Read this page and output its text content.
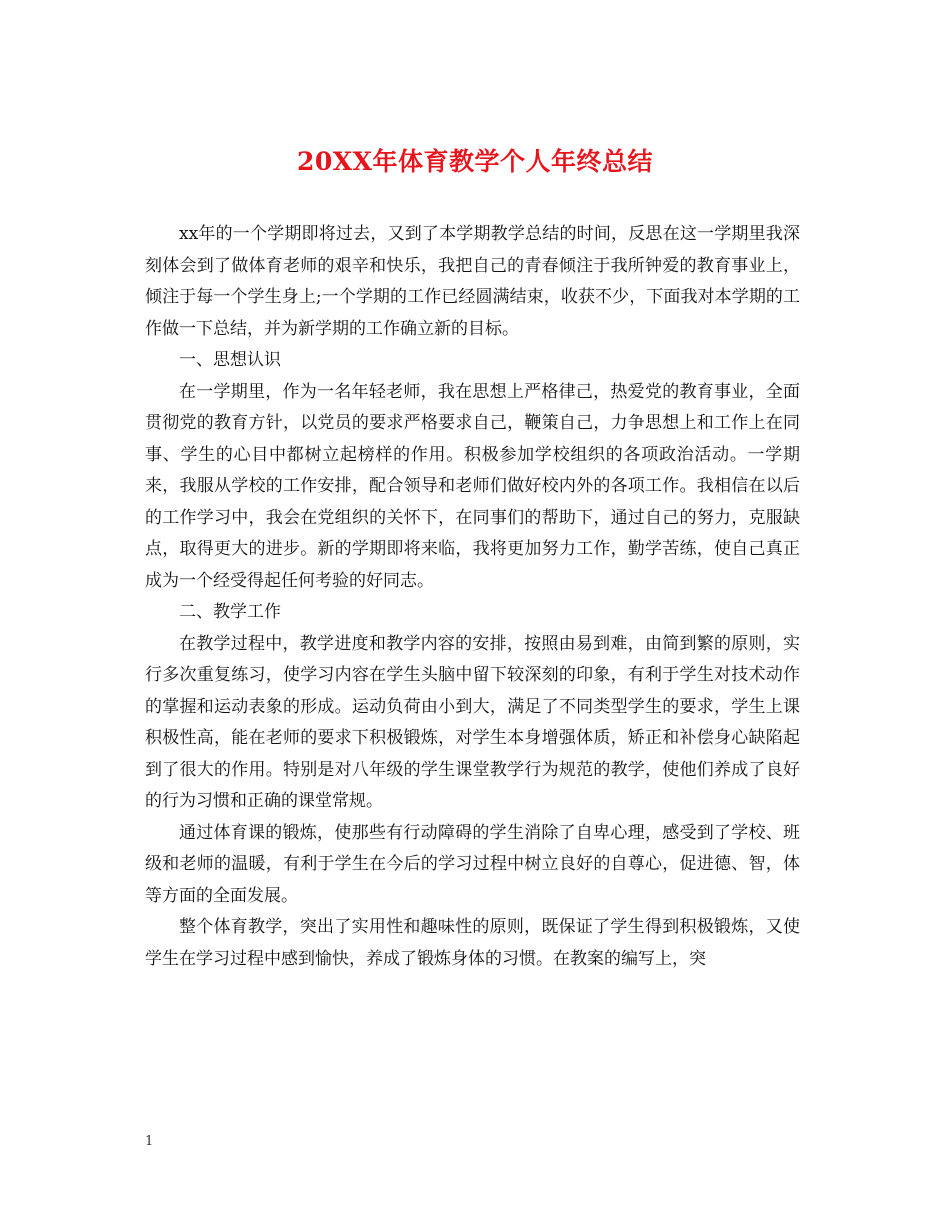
20XX年体育教学个人年终总结

xx年的一个学期即将过去，又到了本学期教学总结的时间，反思在这一学期里我深刻体会到了做体育老师的艰辛和快乐，我把自己的青春倾注于我所钟爱的教育事业上，倾注于每一个学生身上;一个学期的工作已经圆满结束，收获不少，下面我对本学期的工作做一下总结，并为新学期的工作确立新的目标。

一、思想认识

在一学期里，作为一名年轻老师，我在思想上严格律己，热爱党的教育事业，全面贯彻党的教育方针，以党员的要求严格要求自己，鞭策自己，力争思想上和工作上在同事、学生的心目中都树立起榜样的作用。积极参加学校组织的各项政治活动。一学期来，我服从学校的工作安排，配合领导和老师们做好校内外的各项工作。我相信在以后的工作学习中，我会在党组织的关怀下，在同事们的帮助下，通过自己的努力，克服缺点，取得更大的进步。新的学期即将来临，我将更加努力工作，勤学苦练，使自己真正成为一个经受得起任何考验的好同志。

二、教学工作

在教学过程中，教学进度和教学内容的安排，按照由易到难，由简到繁的原则，实行多次重复练习，使学习内容在学生头脑中留下较深刻的印象，有利于学生对技术动作的掌握和运动表象的形成。运动负荷由小到大，满足了不同类型学生的要求，学生上课积极性高，能在老师的要求下积极锻炼，对学生本身增强体质，矫正和补偿身心缺陷起到了很大的作用。特别是对八年级的学生课堂教学行为规范的教学，使他们养成了良好的行为习惯和正确的课堂常规。

通过体育课的锻炼，使那些有行动障碍的学生消除了自卑心理，感受到了学校、班级和老师的温暖，有利于学生在今后的学习过程中树立良好的自尊心，促进德、智，体等方面的全面发展。

整个体育教学，突出了实用性和趣味性的原则，既保证了学生得到积极锻炼，又使学生在学习过程中感到愉快，养成了锻炼身体的习惯。在教案的编写上，突

1
